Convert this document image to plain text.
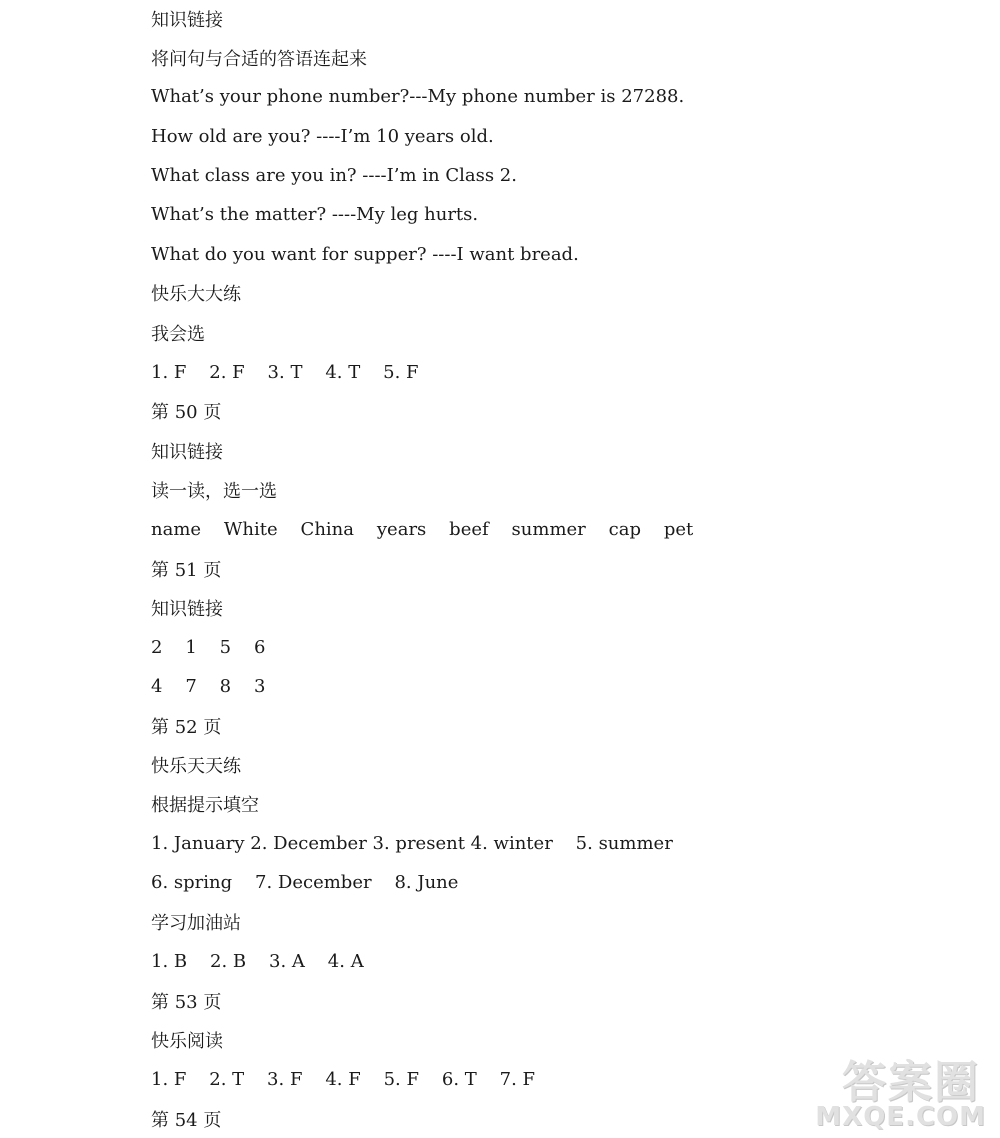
知识链接
将问句与合适的答语连起来
What’s your phone number?---My phone number is 27288.
How old are you? ----I’m 10 years old.
What class are you in? ----I’m in Class 2.
What’s the matter? ----My leg hurts.
What do you want for supper? ----I want bread.
快乐大大练
我会选
1. F    2. F    3. T    4. T    5. F
第 50 页
知识链接
读一读，选一选
name    White    China    years    beef    summer    cap    pet
第 51 页
知识链接
2    1    5    6
4    7    8    3
第 52 页
快乐天天练
根据提示填空
1. January 2. December 3. present 4. winter    5. summer
6. spring    7. December    8. June
学习加油站
1. B    2. B    3. A    4. A
第 53 页
快乐阅读
1. F    2. T    3. F    4. F    5. F    6. T    7. F
第 54 页
答案圈
MXQE.COM
